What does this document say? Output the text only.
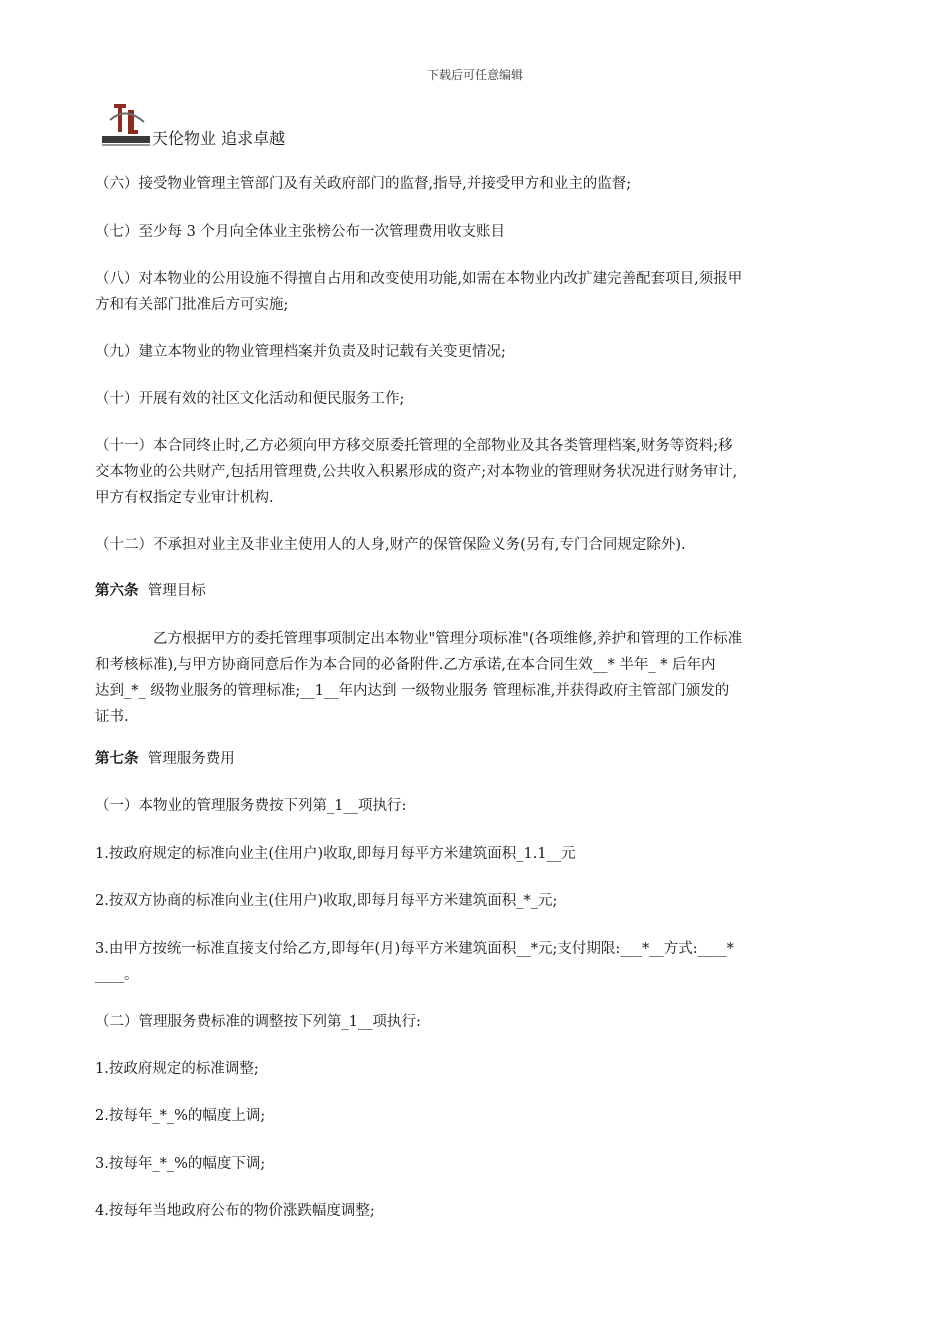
下载后可任意编辑
天伦物业 追求卓越
（六）接受物业管理主管部门及有关政府部门的监督,指导,并接受甲方和业主的监督;
（七）至少每 3 个月向全体业主张榜公布一次管理费用收支账目
（八）对本物业的公用设施不得擅自占用和改变使用功能,如需在本物业内改扩建完善配套项目,须报甲
方和有关部门批准后方可实施;
（九）建立本物业的物业管理档案并负责及时记载有关变更情况;
（十）开展有效的社区文化活动和便民服务工作;
（十一）本合同终止时,乙方必须向甲方移交原委托管理的全部物业及其各类管理档案,财务等资料;移
交本物业的公共财产,包括用管理费,公共收入积累形成的资产;对本物业的管理财务状况进行财务审计,
甲方有权指定专业审计机构.
（十二）不承担对业主及非业主使用人的人身,财产的保管保险义务(另有,专门合同规定除外).
第六条 管理目标
乙方根据甲方的委托管理事项制定出本物业"管理分项标准"(各项维修,养护和管理的工作标准
和考核标准),与甲方协商同意后作为本合同的必备附件.乙方承诺,在本合同生效__* 半年_ * 后年内
达到_*_ 级物业服务的管理标准;__1__年内达到 一级物业服务 管理标准,并获得政府主管部门颁发的
证书.
第七条 管理服务费用
（一）本物业的管理服务费按下列第_1__项执行:
1.按政府规定的标准向业主(住用户)收取,即每月每平方米建筑面积_1.1__元
2.按双方协商的标准向业主(住用户)收取,即每月每平方米建筑面积_*_元;
3.由甲方按统一标准直接支付给乙方,即每年(月)每平方米建筑面积__*元;支付期限:___*__方式:____*
____。
（二）管理服务费标准的调整按下列第_1__项执行:
1.按政府规定的标准调整;
2.按每年_*_%的幅度上调;
3.按每年_*_%的幅度下调;
4.按每年当地政府公布的物价涨跌幅度调整;
